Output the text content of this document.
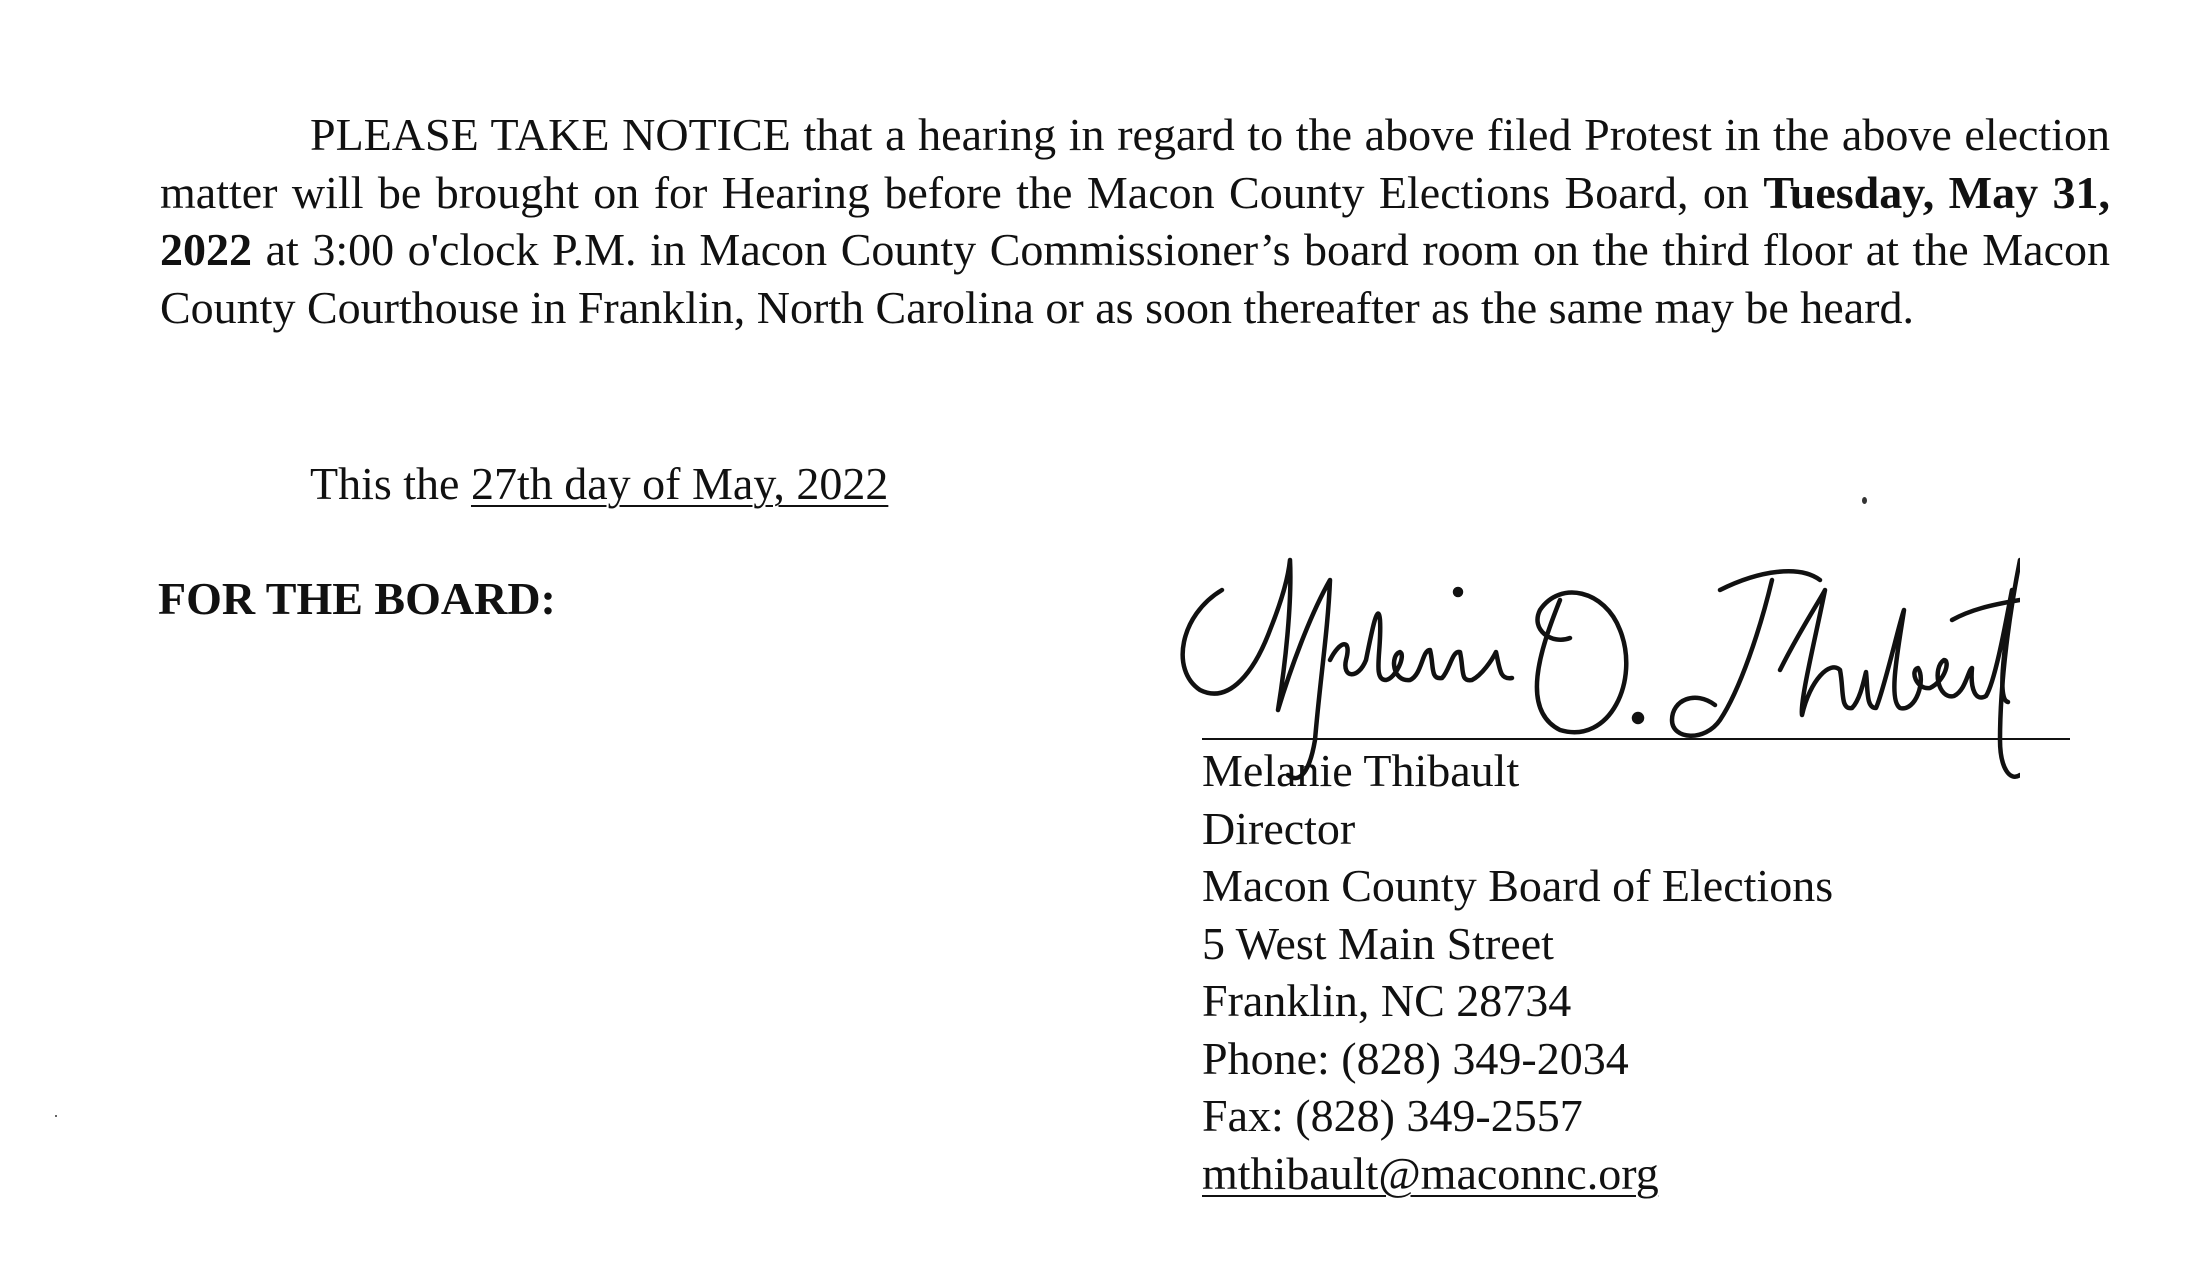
PLEASE TAKE NOTICE that a hearing in regard to the above filed Protest in the above election matter will be brought on for Hearing before the Macon County Elections Board, on Tuesday, May 31, 2022 at 3:00 o'clock P.M. in Macon County Commissioner’s board room on the third floor at the Macon County Courthouse in Franklin, North Carolina or as soon thereafter as the same may be heard.

This the 27th day of May, 2022
FOR THE BOARD:
Melanie Thibault
Director
Macon County Board of Elections
5 West Main Street
Franklin, NC 28734
Phone: (828) 349-2034
Fax: (828) 349-2557
mthibault@maconnc.org
